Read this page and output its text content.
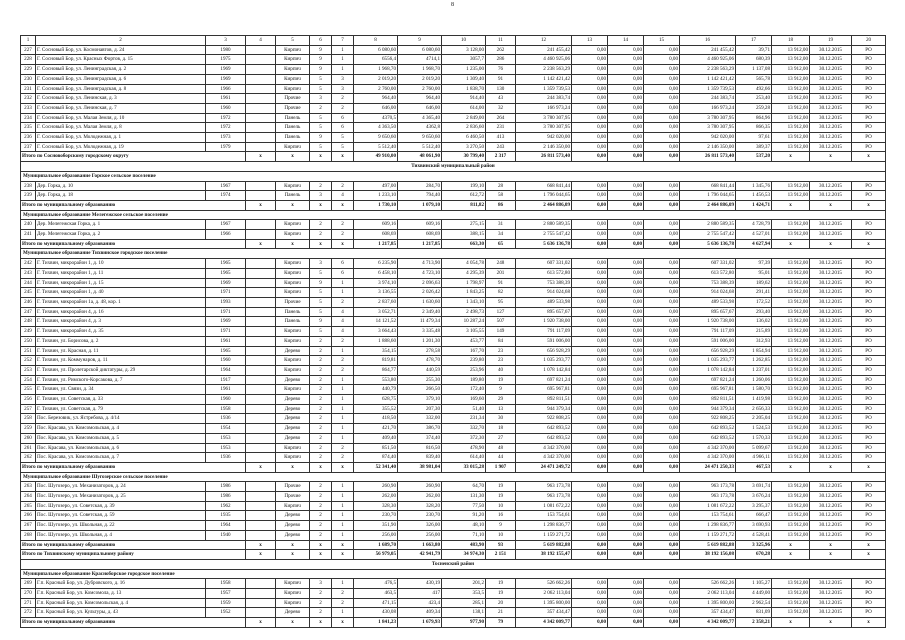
8
1	2	3	4	5	6	7	8	9	10	11	12	13	14	15	16	17	18	19	20
227	Г. Сосновый Бор, ул. Космонавтов, д. 24	1980		Кирпич	9	1	6 080,60	6 080,60	3 128,00	262	241 455,42	0,00	0,00	0,00	241 455,42	39,71	13 912,00	30.12.2015	РО
228	Г. Сосновый Бор, ул. Красных Фортов, д. 15	1975		Кирпич	9	1	6556,4	4714,1	3057,7	286	4 460 925,06	0,00	0,00	0,00	4 460 925,06	680,39	13 912,00	30.12.2015	РО
229	Г. Сосновый Бор, ул. Ленинградская, д. 2	1969		Кирпич	9	1	1 968,70	1 968,70	1 235,00	76	2 238 563,29	0,00	0,00	0,00	2 238 563,29	1 137,08	13 912,00	30.12.2015	РО
230	Г. Сосновый Бор, ул. Ленинградская, д. 6	1969		Кирпич	5	3	2 019,20	2 019,20	1 309,40	91	1 142 421,42	0,00	0,00	0,00	1 142 421,42	565,78	13 912,00	30.12.2015	РО
231	Г. Сосновый Бор, ул. Ленинградская, д. 8	1966		Кирпич	5	3	2 760,00	2 760,00	1 838,70	130	1 359 739,53	0,00	0,00	0,00	1 359 739,53	492,66	13 912,00	30.12.2015	РО
232	Г. Сосновый Бор, ул. Ленинская, д. 3	1961		Прочие	3	2	964,40	964,40	914,40	43	244 383,74	0,00	0,00	0,00	244 383,74	253,40	13 912,00	30.12.2015	РО
233	Г. Сосновый Бор, ул. Ленинская, д. 7	1960		Прочие	2	2	646,00	646,00	614,00	32	166 973,24	0,00	0,00	0,00	166 973,24	259,28	13 912,00	30.12.2015	РО
234	Г. Сосновый Бор, ул. Малая Земля, д. 10	1972		Панель	5	6	4370,5	4 365,40	2 849,00	264	3 780 307,95	0,00	0,00	0,00	3 780 307,95	864,96	13 912,00	30.12.2015	РО
235	Г. Сосновый Бор, ул. Малая Земля, д. 8	1972		Панель	5	6	4 363,50	4362,8	2 836,60	231	3 780 307,95	0,00	0,00	0,00	3 780 307,95	866,35	13 912,00	30.12.2015	РО
236	Г. Сосновый Бор, ул. Молодежная, д. 1	1973		Панель	9	5	9 650,60	9 650,60	6 460,50	413	942 020,00	0,00	0,00	0,00	942 020,00	97,61	13 912,00	30.12.2015	РО
237	Г. Сосновый Бор, ул. Молодежная, д. 19	1979		Кирпич	5	5	5 512,40	5 512,40	3 270,50	243	2 146 350,00	0,00	0,00	0,00	2 146 350,00	389,37	13 912,00	30.12.2015	РО
Итого по Сосновоборскому городскому округу			х	х	х	х	49 910,00	48 061,90	30 799,40	2 317	26 811 573,40	0,00	0,00	0,00	26 811 573,40	537,20	х	х	х
Тихвинский муниципальный район																			
Муниципальное образование Горское сельское поселение																			
238	Дер. Горка, д. 10	1967		Кирпич	2	2	497,00	284,70	199,10	28	668 841,44	0,00	0,00	0,00	668 841,44	1 345,76	13 912,00	30.12.2015	РО
239	Дер. Горка, д. 18	1974		Панель	3	4	1 233,10	794,40	612,72	58	1 796 044,65	0,00	0,00	0,00	1 796 044,65	1 456,53	13 912,00	30.12.2015	РО
Итого по муниципальному образованию			х	х	х	х	1 730,10	1 079,10	811,82	86	2 464 886,09	0,00	0,00	0,00	2 464 886,09	1 424,71	х	х	х
Муниципальное образование Мелегежское сельское поселение																			
240	Дер. Мелегежская Горка, д. 1	1967		Кирпич	2	2	609,16	609,16	275,15	31	2 880 589,35	0,00	0,00	0,00	2 880 589,35	4 728,79	13 912,00	30.12.2015	РО
241	Дер. Мелегежская Горка, д. 2	1966		Кирпич	2	2	608,69	608,69	388,15	34	2 755 547,42	0,00	0,00	0,00	2 755 547,42	4 527,01	13 912,00	30.12.2015	РО
Итого по муниципальному образованию			х	х	х	х	1 217,85	1 217,85	663,30	65	5 636 136,78	0,00	0,00	0,00	5 636 136,78	4 627,94	х	х	х
Муниципальное образование Тихвинское городское поселение																			
242	Г. Тихвин, микрорайон 1, д. 10	1965		Кирпич	3	6	6 235,90	4 713,90	4 054,78	248	607 331,02	0,00	0,00	0,00	607 331,02	97,39	13 912,00	30.12.2015	РО
243	Г. Тихвин, микрорайон 1, д. 11	1965		Кирпич	5	6	6 458,10	4 723,10	4 295,39	201	613 572,80	0,00	0,00	0,00	613 572,80	95,01	13 912,00	30.12.2015	РО
244	Г. Тихвин, микрорайон 1, д. 15	1969		Кирпич	9	1	3 974,10	2 096,63	1 798,97	91	753 388,39	0,00	0,00	0,00	753 388,39	189,62	13 912,00	30.12.2015	РО
245	Г. Тихвин, микрорайон 1, д. 40	1971		Кирпич	5	1	3 136,55	2 026,42	1 843,25	82	914 024,68	0,00	0,00	0,00	914 024,68	291,41	13 912,00	30.12.2015	РО
246	Г. Тихвин, микрорайон 1а, д. 48, кор. 1	1993		Прочие	5	2	2 837,60	1 630,60	1 343,10	95	489 533,98	0,00	0,00	0,00	489 533,98	172,52	13 912,00	30.12.2015	РО
247	Г. Тихвин, микрорайон 4, д. 16	1971		Панель	5	4	3 052,71	2 349,40	2 498,73	127	895 657,67	0,00	0,00	0,00	895 657,67	293,40	13 912,00	30.12.2015	РО
248	Г. Тихвин, микрорайон 4, д. 3	1969		Панель	9	4	14 121,52	11 479,34	10 287,24	507	1 920 738,00	0,00	0,00	0,00	1 920 738,00	136,02	13 912,00	30.12.2015	РО
249	Г. Тихвин, микрорайон 4, д. 35	1971		Кирпич	5	4	3 664,43	3 335,48	3 105,55	149	791 117,09	0,00	0,00	0,00	791 117,09	215,89	13 912,00	30.12.2015	РО
250	Г. Тихвин, ул. Борисова, д. 2	1961		Кирпич	2	2	1 888,60	1 201,30	453,77	84	591 006,00	0,00	0,00	0,00	591 006,00	312,93	13 912,00	30.12.2015	РО
251	Г. Тихвин, ул. Красная, д. 11	1965		Дерево	2	1	354,15	278,58	167,70	23	656 928,29	0,00	0,00	0,00	656 928,29	1 854,94	13 912,00	30.12.2015	РО
252	Г. Тихвин, ул. Коммунаров, д. 11	1960		Кирпич	2	2	819,81	478,70	239,80	23	1 035 293,77	0,00	0,00	0,00	1 035 293,77	1 262,85	13 912,00	30.12.2015	РО
253	Г. Тихвин, ул. Пролетарской диктатуры, д. 29	1964		Кирпич	2	2	864,77	440,59	253,96	40	1 078 142,84	0,00	0,00	0,00	1 078 142,84	1 237,01	13 912,00	30.12.2015	РО
254	Г. Тихвин, ул. Римского-Корсакова, д. 7	1917		Дерево	2	1	553,80	255,30	189,80	19	697 821,24	0,00	0,00	0,00	697 821,24	1 260,06	13 912,00	30.12.2015	РО
255	Г. Тихвин, ул. Связи, д. 34	1961		Кирпич	2	1	440,79	266,50	172,40	9	695 967,81	0,00	0,00	0,00	695 967,81	1 580,70	13 912,00	30.12.2015	РО
256	Г. Тихвин, ул. Советская, д. 33	1960		Дерево	2	1	628,75	379,10	169,60	29	892 811,51	0,00	0,00	0,00	892 811,51	1 419,98	13 912,00	30.12.2015	РО
257	Г. Тихвин, ул. Советская, д. 79	1958		Дерево	2	1	355,52	207,30	51,40	13	944 379,34	0,00	0,00	0,00	944 379,34	2 656,33	13 912,00	30.12.2015	РО
258	Пос. Березовик, ул. Ястребова, д. 4/14	1936		Дерево	2	1	418,50	332,00	231,34	30	922 808,25	0,00	0,00	0,00	922 808,25	2 205,04	13 912,00	30.12.2015	РО
259	Пос. Красава, ул. Комсомольская, д. 4	1954		Дерево	2	1	421,70	386,70	332,70	18	642 893,52	0,00	0,00	0,00	642 893,52	1 524,53	13 912,00	30.12.2015	РО
260	Пос. Красава, ул. Комсомольская, д. 5	1953		Дерево	2	1	409,40	374,40	372,30	27	642 893,52	0,00	0,00	0,00	642 893,52	1 570,33	13 912,00	30.12.2015	РО
261	Пос. Красава, ул. Комсомольская, д. 6	1953		Кирпич	2	2	851,50	816,50	478,90	48	4 342 370,00	0,00	0,00	0,00	4 342 370,00	5 099,67	13 912,00	30.12.2015	РО
262	Пос. Красава, ул. Комсомольская, д. 7	1936		Кирпич	2	2	874,40	839,40	614,40	44	4 342 370,00	0,00	0,00	0,00	4 342 370,00	4 966,11	13 912,00	30.12.2015	РО
Итого по муниципальному образованию			х	х	х	х	52 341,40	38 981,04	33 015,28	1 907	24 471 249,72	0,00	0,00	0,00	24 471 250,33	467,53	х	х	х
Муниципальное образование Шугозерское сельское поселение																			
263	Пос. Шугозеро, ул. Механизаторов, д. 24	1986		Прочие	2	1	260,90	260,90	64,70	19	963 173,78	0,00	0,00	0,00	963 173,78	3 691,74	13 912,00	30.12.2015	РО
264	Пос. Шугозеро, ул. Механизаторов, д. 25	1986		Прочие	2	1	262,00	262,00	131,30	19	963 173,78	0,00	0,00	0,00	963 173,78	3 676,24	13 912,00	30.12.2015	РО
265	Пос. Шугозеро, ул. Советская, д. 39	1962		Кирпич	2	1	328,30	328,20	77,50	10	1 081 672,22	0,00	0,00	0,00	1 081 672,22	3 295,37	13 912,00	30.12.2015	РО
266	Пос. Шугозеро, ул. Советская, д. 59	1935		Дерево	2	1	230,70	230,70	91,20	16	153 754,61	0,00	0,00	0,00	153 754,61	666,47	13 912,00	30.12.2015	РО
267	Пос. Шугозеро, ул. Школьная, д. 22	1964		Дерево	2	1	351,90	326,00	48,10	9	1 298 836,77	0,00	0,00	0,00	1 298 836,77	3 690,93	13 912,00	30.12.2015	РО
268	Пос. Шугозеро, ул. Школьная, д. 4	1940		Дерево	2	1	256,00	256,00	71,10	10	1 159 271,72	0,00	0,00	0,00	1 159 271,72	4 528,41	13 912,00	30.12.2015	РО
Итого по муниципальному образованию			х	х	х	х	1 689,70	1 663,80	483,90	93	5 619 882,88	0,00	0,00	0,00	5 619 882,88	3 325,96	х	х	х
Итого по Тихвинскому муниципальному району			х	х	х	х	56 979,05	42 941,79	34 974,30	2 151	38 192 155,47	0,00	0,00	0,00	38 192 156,08	670,28	х	х	х
Тосненский район																			
Муниципальное образование Красноборское городское поселение																			
269	Г.п. Красный Бор, ул. Дубровского, д. 16	1958		Кирпич	3	1	476,5	430,19	201,2	19	526 662,26	0,00	0,00	0,00	526 662,26	1 105,27	13 912,00	30.12.2015	РО
270	Г.п. Красный Бор, ул. Комсомола, д. 13	1957		Кирпич	2	2	463,5	417	353,5	19	2 062 113,04	0,00	0,00	0,00	2 062 113,04	4 449,00	13 912,00	30.12.2015	РО
271	Г.п. Красный Бор, ул. Комсомольская, д. 4	1959		Кирпич	2	2	471,15	423,4	285,1	20	1 395 800,00	0,00	0,00	0,00	1 395 800,00	2 962,54	13 912,00	30.12.2015	РО
272	Г.п. Красный Бор, ул. Культуры, д. 43	1952		Дерево	2	1	430,08	409,34	138,1	21	357 434,47	0,00	0,00	0,00	357 434,47	831,09	13 912,00	30.12.2015	РО
Итого по муниципальному образованию			х	х	х	х	1 841,23	1 679,93	977,90	79	4 342 009,77	0,00	0,00	0,00	4 342 009,77	2 358,21	х	х	х
